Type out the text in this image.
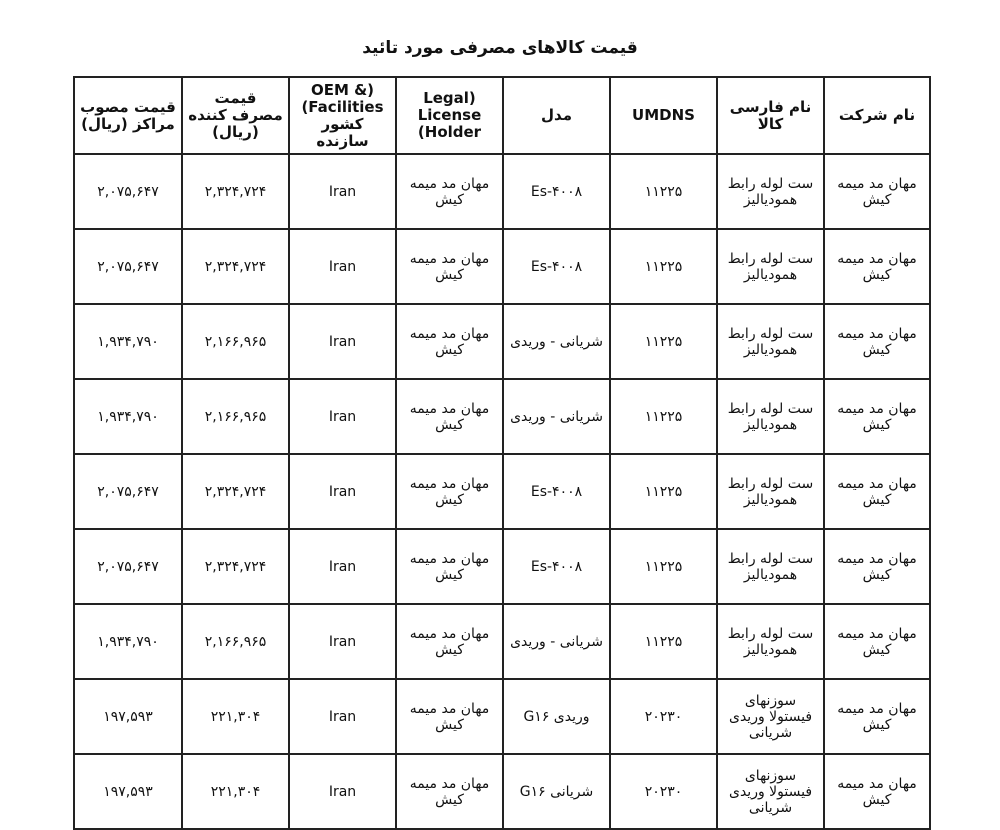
قیمت کالاهای مصرفی مورد تائید
نام شرکت	نام فارسی کالا	UMDNS	مدل	Legal) License (Holder	OEM &) (Facilities کشور سازنده	قیمت مصرف کننده (ریال)	قیمت مصوب مراکز (ریال)
مهان مد میمه کیش	ست لوله رابط همودیالیز	۱۱۲۲۵	Es-۴۰۰۸	مهان مد میمه کیش	Iran	۲,۳۲۴,۷۲۴	۲,۰۷۵,۶۴۷
مهان مد میمه کیش	ست لوله رابط همودیالیز	۱۱۲۲۵	Es-۴۰۰۸	مهان مد میمه کیش	Iran	۲,۳۲۴,۷۲۴	۲,۰۷۵,۶۴۷
مهان مد میمه کیش	ست لوله رابط همودیالیز	۱۱۲۲۵	شریانی - وریدی	مهان مد میمه کیش	Iran	۲,۱۶۶,۹۶۵	۱,۹۳۴,۷۹۰
مهان مد میمه کیش	ست لوله رابط همودیالیز	۱۱۲۲۵	شریانی - وریدی	مهان مد میمه کیش	Iran	۲,۱۶۶,۹۶۵	۱,۹۳۴,۷۹۰
مهان مد میمه کیش	ست لوله رابط همودیالیز	۱۱۲۲۵	Es-۴۰۰۸	مهان مد میمه کیش	Iran	۲,۳۲۴,۷۲۴	۲,۰۷۵,۶۴۷
مهان مد میمه کیش	ست لوله رابط همودیالیز	۱۱۲۲۵	Es-۴۰۰۸	مهان مد میمه کیش	Iran	۲,۳۲۴,۷۲۴	۲,۰۷۵,۶۴۷
مهان مد میمه کیش	ست لوله رابط همودیالیز	۱۱۲۲۵	شریانی - وریدی	مهان مد میمه کیش	Iran	۲,۱۶۶,۹۶۵	۱,۹۳۴,۷۹۰
مهان مد میمه کیش	سوزنهای فیستولا وریدی شریانی	۲۰۲۳۰	وریدی G۱۶	مهان مد میمه کیش	Iran	۲۲۱,۳۰۴	۱۹۷,۵۹۳
مهان مد میمه کیش	سوزنهای فیستولا وریدی شریانی	۲۰۲۳۰	شریانی G۱۶	مهان مد میمه کیش	Iran	۲۲۱,۳۰۴	۱۹۷,۵۹۳
